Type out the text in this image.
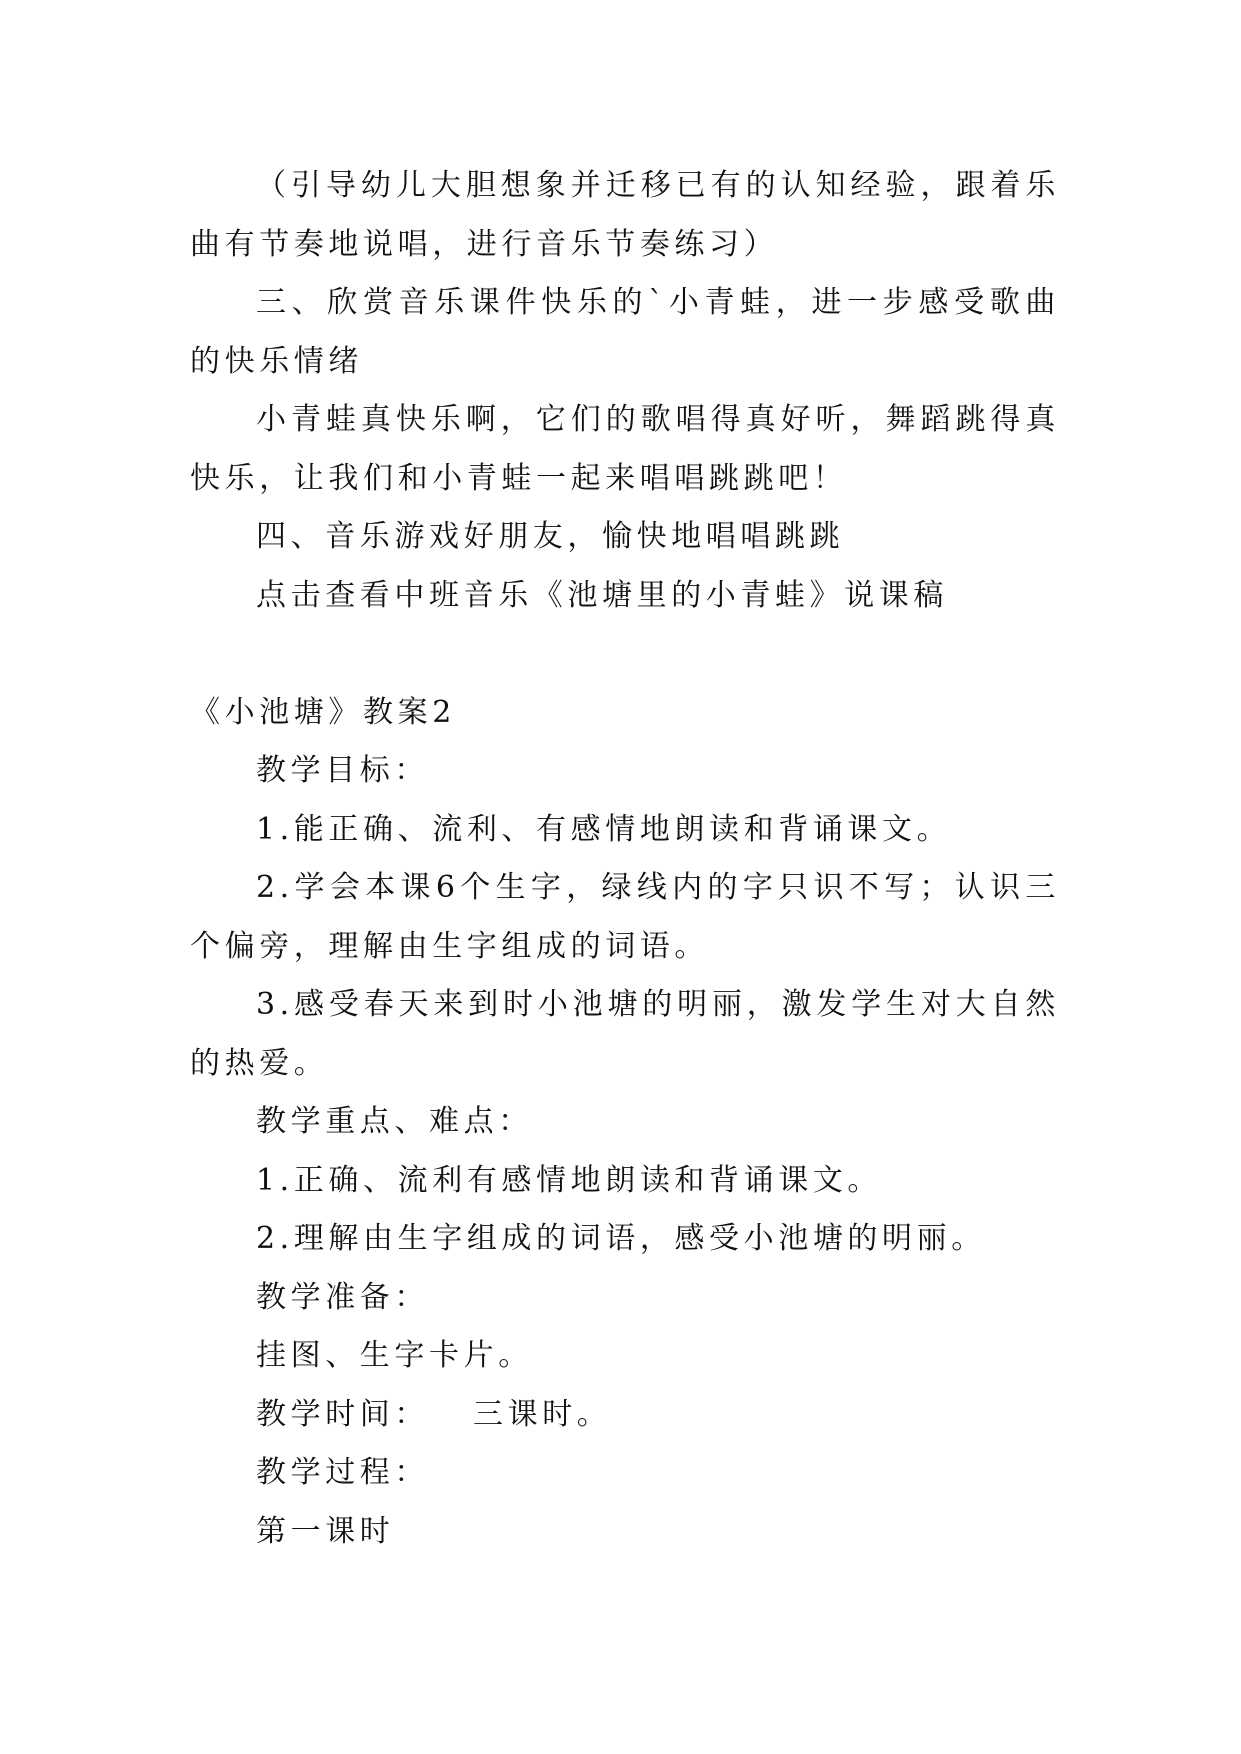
（引导幼儿大胆想象并迁移已有的认知经验，跟着乐曲有节奏地说唱，进行音乐节奏练习）

三、欣赏音乐课件快乐的`小青蛙，进一步感受歌曲的快乐情绪

小青蛙真快乐啊，它们的歌唱得真好听，舞蹈跳得真快乐，让我们和小青蛙一起来唱唱跳跳吧！

四、音乐游戏好朋友，愉快地唱唱跳跳

点击查看中班音乐《池塘里的小青蛙》说课稿

《小池塘》教案2

教学目标：

1.能正确、流利、有感情地朗读和背诵课文。

2.学会本课6个生字，绿线内的字只识不写；认识三个偏旁，理解由生字组成的词语。

3.感受春天来到时小池塘的明丽，激发学生对大自然的热爱。

教学重点、难点：

1.正确、流利有感情地朗读和背诵课文。

2.理解由生字组成的词语，感受小池塘的明丽。

教学准备：

挂图、生字卡片。

教学时间： 三课时。

教学过程：

第一课时
